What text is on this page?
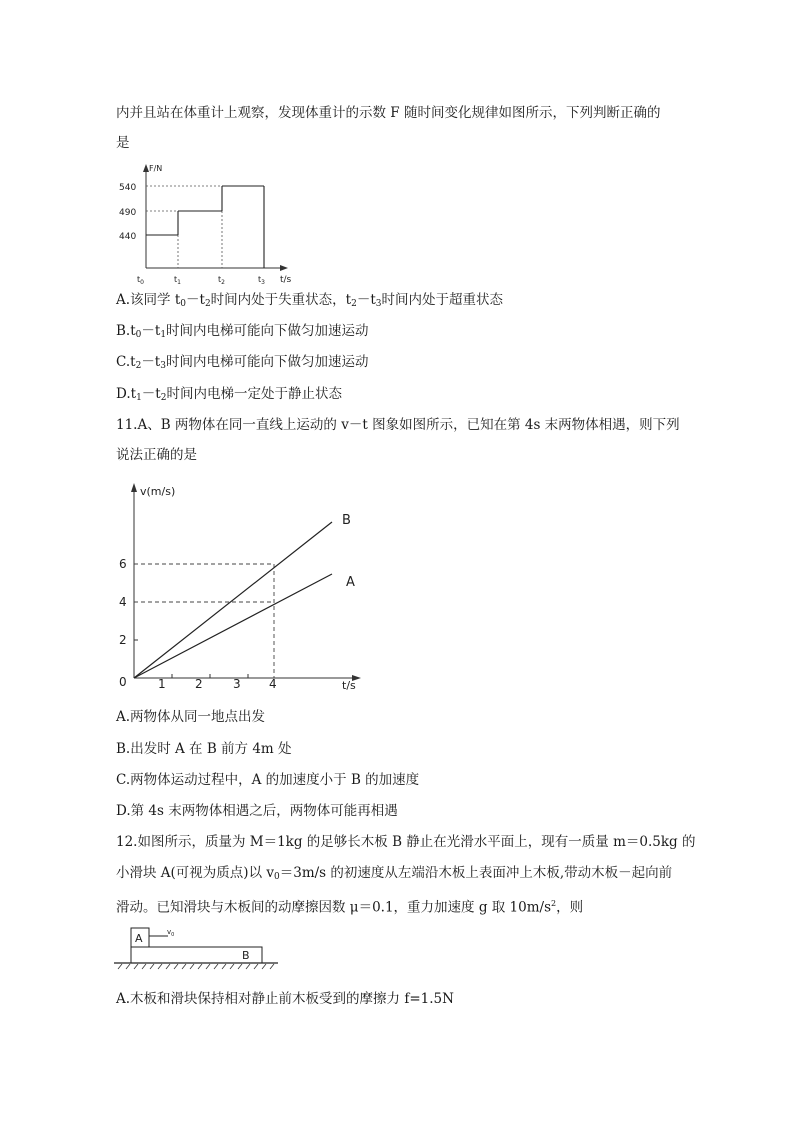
内并且站在体重计上观察，发现体重计的示数 F 随时间变化规律如图所示，下列判断正确的
是
F/N
t/s
540
490
440
$t_0$	$t_1$	$t_2$	$t_3$
A.该同学 $t_0-t_2$时间内处于失重状态，$t_2-t_3$时间内处于超重状态
$B.t_0-t_1$时间内电梯可能向下做匀加速运动
$C.t_2-t_3$时间内电梯可能向下做匀加速运动
$D.t_1-t_2$时间内电梯一定处于静止状态
11.A、B 两物体在同一直线上运动的 v－t 图象如图所示，已知在第 4s 末两物体相遇，则下列
说法正确的是
v(m/s)
t/s
0
6
4
2
1 2	3 4
B
A
A.两物体从同一地点出发
B.出发时 A 在 B 前方 4m 处
C.两物体运动过程中，A 的加速度小于 B 的加速度
D.第 4s 末两物体相遇之后，两物体可能再相遇
12.如图所示，质量为 M＝1kg 的足够长木板 B 静止在光滑水平面上，现有一质量 m＝0.5kg 的
小滑块 A(可视为质点)以 $v_0=3m/s$ 的初速度从左端沿木板上表面冲上木板,带动木板－起向前
滑动。已知滑块与木板间的动摩擦因数 μ＝0.1，重力加速度 g 取 $10m/s^2$，则
A	$v_0$
B
A.木板和滑块保持相对静止前木板受到的摩擦力 f=1.5N
